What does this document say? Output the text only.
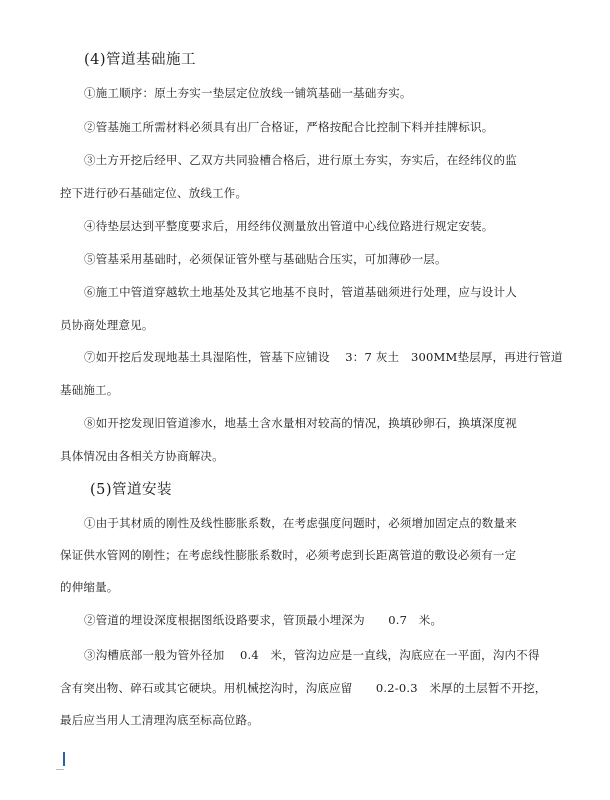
(4)管道基础施工
①施工顺序：原土夯实一垫层定位放线一铺筑基础一基础夯实。
②管基施工所需材料必须具有出厂合格证，严格按配合比控制下料并挂牌标识。
③土方开挖后经甲、乙双方共同验槽合格后，进行原土夯实，夯实后，在经纬仪的监
控下进行砂石基础定位、放线工作。
④待垫层达到平整度要求后，用经纬仪测量放出管道中心线位路进行规定安装。
⑤管基采用基础时，必须保证管外壁与基础贴合压实，可加薄砂一层。
⑥施工中管道穿越软土地基处及其它地基不良时，管道基础须进行处理，应与设计人
员协商处理意见。
⑦如开挖后发现地基土具湿陷性，管基下应铺设　 3：7 灰土　300MM垫层厚，再进行管道
基础施工。
⑧如开挖发现旧管道渗水，地基土含水量相对较高的情况，换填砂卵石，换填深度视
具体情况由各相关方协商解决。
(5)管道安装
①由于其材质的刚性及线性膨胀系数，在考虑强度问题时，必须增加固定点的数量来
保证供水管网的刚性；在考虑线性膨胀系数时，必须考虑到长距离管道的敷设必须有一定
的伸缩量。
②管道的埋设深度根据图纸设路要求，管顶最小埋深为　　0.7　米。
③沟槽底部一般为管外径加　 0.4　米，管沟边应是一直线，沟底应在一平面，沟内不得
含有突出物、碎石或其它硬块。用机械挖沟时，沟底应留　　0.2-0.3　米厚的土层暂不开挖，
最后应当用人工清理沟底至标高位路。
